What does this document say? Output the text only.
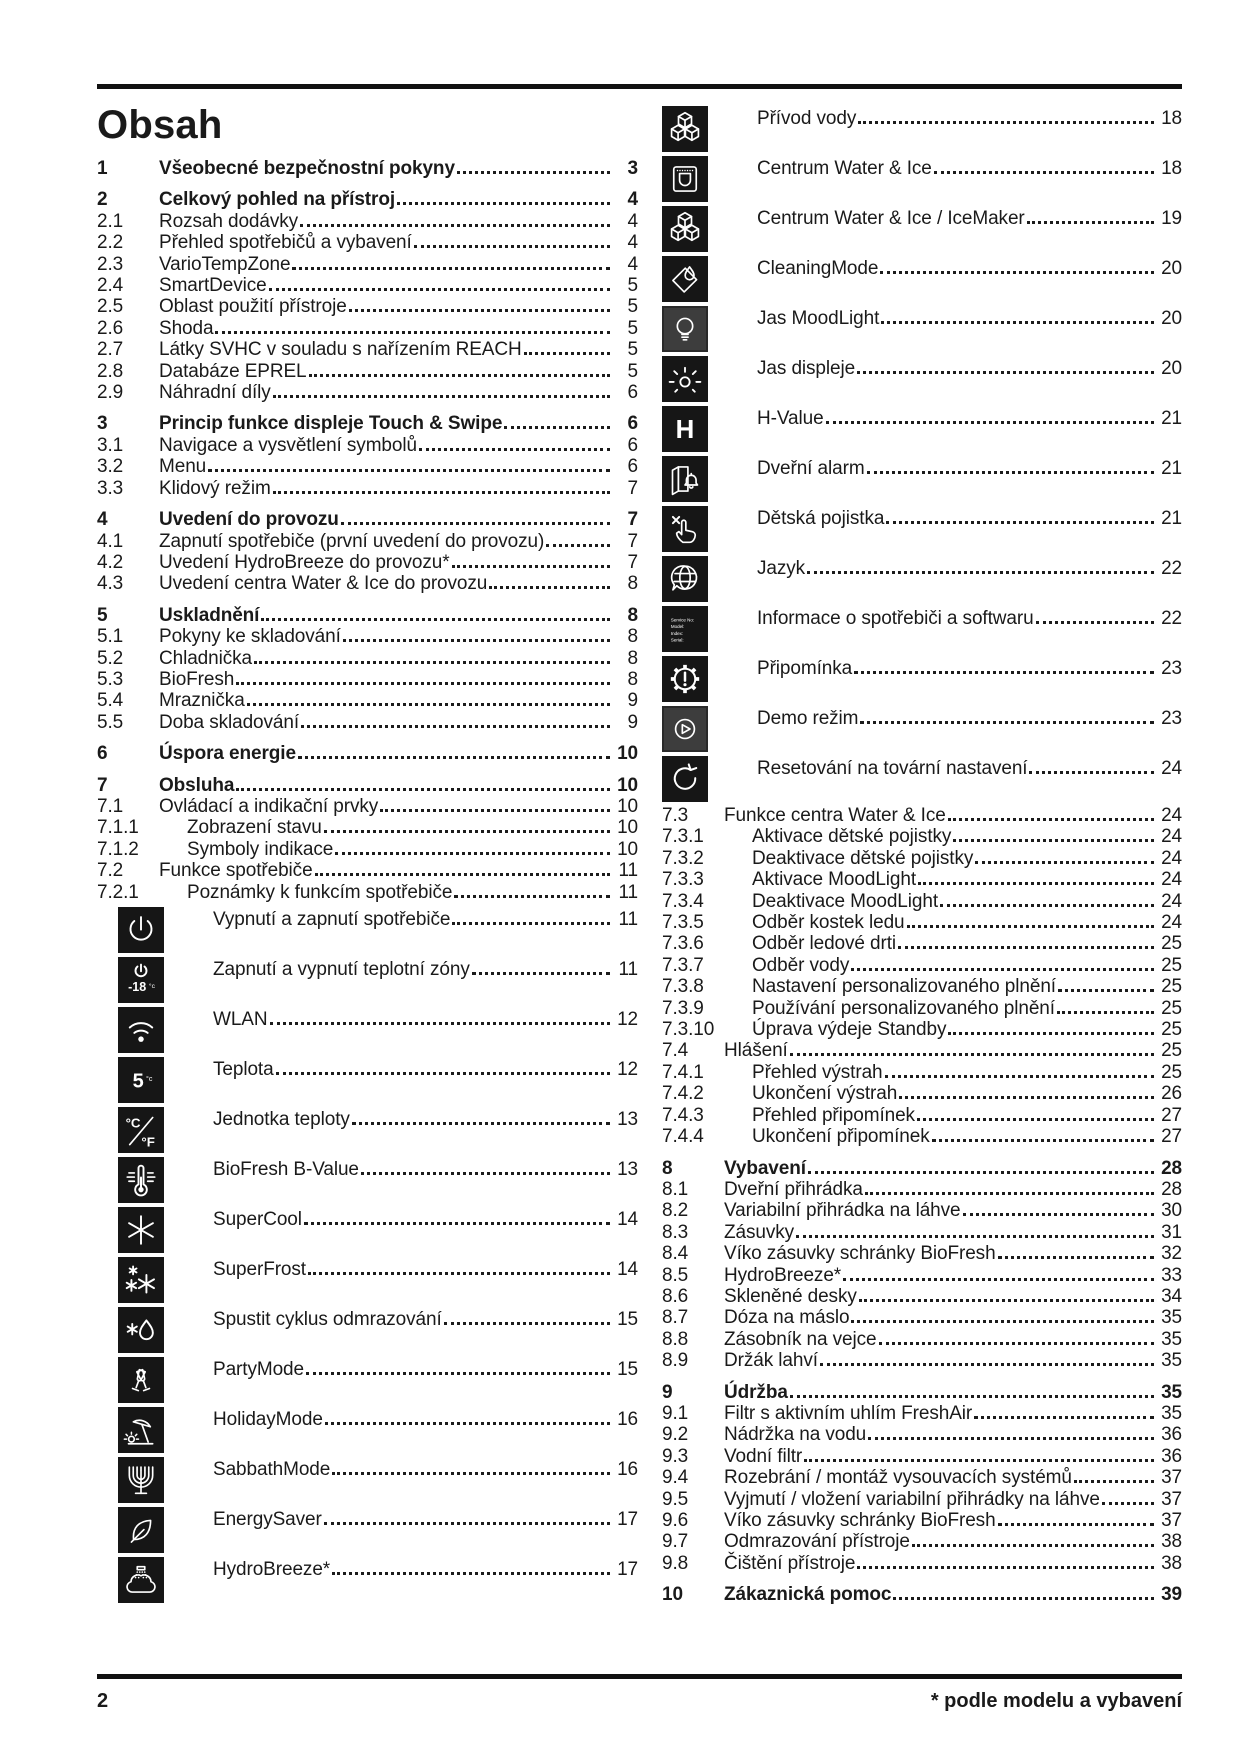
Obsah
1	Všeobecné bezpečnostní pokyny	3
2	Celkový pohled na přístroj	4
2.1	Rozsah dodávky	4
2.2	Přehled spotřebičů a vybavení	4
2.3	VarioTempZone	4
2.4	SmartDevice	5
2.5	Oblast použití přístroje	5
2.6	Shoda	5
2.7	Látky SVHC v souladu s nařízením REACH	5
2.8	Databáze EPREL	5
2.9	Náhradní díly	6
3	Princip funkce displeje Touch & Swipe	6
3.1	Navigace a vysvětlení symbolů	6
3.2	Menu	6
3.3	Klidový režim	7
4	Uvedení do provozu	7
4.1	Zapnutí spotřebiče (první uvedení do provozu)	7
4.2	Uvedení HydroBreeze do provozu*	7
4.3	Uvedení centra Water & Ice do provozu	8
5	Uskladnění	8
5.1	Pokyny ke skladování	8
5.2	Chladnička	8
5.3	BioFresh	8
5.4	Mraznička	9
5.5	Doba skladování	9
6	Úspora energie	10
7	Obsluha	10
7.1	Ovládací a indikační prvky	10
7.1.1	Zobrazení stavu	10
7.1.2	Symboly indikace	10
7.2	Funkce spotřebiče	11
7.2.1	Poznámky k funkcím spotřebiče	11
Vypnutí a zapnutí spotřebiče	11
-18 °c
Zapnutí a vypnutí teplotní zóny	11
WLAN	12
5 °c	Teplota	12
°C
°F
Jednotka teploty	13
BioFresh B-Value	13
SuperCool	14
SuperFrost	14
Spustit cyklus odmrazování	15
PartyMode	15
HolidayMode	16
SabbathMode	16
EnergySaver	17
HydroBreeze*	17
Přívod vody	18
Centrum Water & Ice	18
Centrum Water & Ice / IceMaker	19
CleaningMode	20
Jas MoodLight	20
Jas displeje	20
H	H-Value	21
Dveřní alarm	21
Dětská pojistka	21
Jazyk	22
Service No:
Model:
Index:
Serial:
Informace o spotřebiči a softwaru	22
Připomínka	23
Demo režim	23
Resetování na tovární nastavení	24
7.3	Funkce centra Water & Ice	24
7.3.1	Aktivace dětské pojistky	24
7.3.2	Deaktivace dětské pojistky	24
7.3.3	Aktivace MoodLight	24
7.3.4	Deaktivace MoodLight	24
7.3.5	Odběr kostek ledu	24
7.3.6	Odběr ledové drti	25
7.3.7	Odběr vody	25
7.3.8	Nastavení personalizovaného plnění	25
7.3.9	Používání personalizovaného plnění	25
7.3.10	Úprava výdeje Standby	25
7.4	Hlášení	25
7.4.1	Přehled výstrah	25
7.4.2	Ukončení výstrah	26
7.4.3	Přehled připomínek	27
7.4.4	Ukončení připomínek	27
8	Vybavení	28
8.1	Dveřní přihrádka	28
8.2	Variabilní přihrádka na láhve	30
8.3	Zásuvky	31
8.4	Víko zásuvky schránky BioFresh	32
8.5	HydroBreeze*	33
8.6	Skleněné desky	34
8.7	Dóza na máslo	35
8.8	Zásobník na vejce	35
8.9	Držák lahví	35
9	Údržba	35
9.1	Filtr s aktivním uhlím FreshAir	35
9.2	Nádržka na vodu	36
9.3	Vodní filtr	36
9.4	Rozebrání / montáž vysouvacích systémů	37
9.5	Vyjmutí / vložení variabilní přihrádky na láhve	37
9.6	Víko zásuvky schránky BioFresh	37
9.7	Odmrazování přístroje	38
9.8	Čištění přístroje	38
10	Zákaznická pomoc	39
2	* podle modelu a vybavení
